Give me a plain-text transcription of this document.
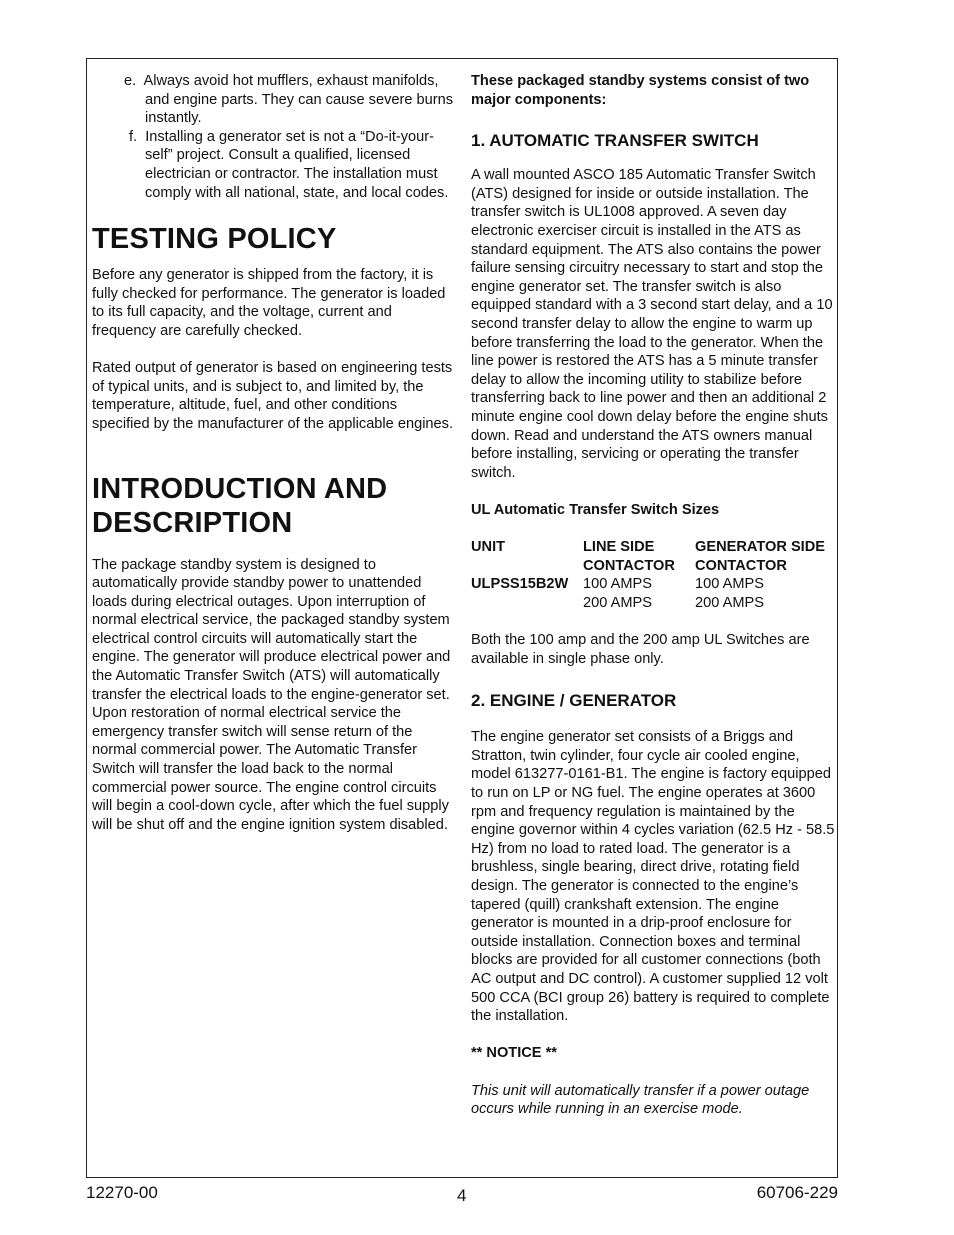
e. Always avoid hot mufflers, exhaust manifolds, and engine parts. They can cause severe burns instantly.
f. Installing a generator set is not a “Do-it-your-self” project. Consult a qualified, licensed electrician or contractor. The installation must comply with all national, state, and local codes.
TESTING POLICY

Before any generator is shipped from the factory, it is fully checked for performance. The generator is loaded to its full capacity, and the voltage, current and frequency are carefully checked.

Rated output of generator is based on engineering tests of typical units, and is subject to, and limited by, the temperature, altitude, fuel, and other conditions specified by the manufacturer of the applicable engines.

INTRODUCTION AND
DESCRIPTION

The package standby system is designed to automatically provide standby power to unattended loads during electrical outages. Upon interruption of normal electrical service, the packaged standby system electrical control circuits will automatically start the engine. The generator will produce electrical power and the Automatic Transfer Switch (ATS) will automatically transfer the electrical loads to the engine-generator set. Upon restoration of normal electrical service the emergency transfer switch will sense return of the normal commercial power. The Automatic Transfer Switch will transfer the load back to the normal commercial power source. The engine control circuits will begin a cool-down cycle, after which the fuel supply will be shut off and the engine ignition system disabled.

These packaged standby systems consist of two major components:

1. AUTOMATIC TRANSFER SWITCH

A wall mounted ASCO 185 Automatic Transfer Switch (ATS) designed for inside or outside installation. The transfer switch is UL1008 approved. A seven day electronic exerciser circuit is installed in the ATS as standard equipment. The ATS also contains the power failure sensing circuitry necessary to start and stop the engine generator set. The transfer switch is also equipped standard with a 3 second start delay, and a 10 second transfer delay to allow the engine to warm up before transferring the load to the generator. When the line power is restored the ATS has a 5 minute transfer delay to allow the incoming utility to stabilize before transferring back to line power and then an additional 2 minute engine cool down delay before the engine shuts down. Read and understand the ATS owners manual before installing, servicing or operating the transfer switch.

UL Automatic Transfer Switch Sizes

UNIT	LINE SIDE CONTACTOR	GENERATOR SIDE CONTACTOR
ULPSS15B2W	100 AMPS	100 AMPS
	200 AMPS	200 AMPS

Both the 100 amp and the 200 amp UL Switches are available in single phase only.

2. ENGINE / GENERATOR

The engine generator set consists of a Briggs and Stratton, twin cylinder, four cycle air cooled engine, model 613277-0161-B1. The engine is factory equipped to run on LP or NG fuel. The engine operates at 3600 rpm and frequency regulation is maintained by the engine governor within 4 cycles variation (62.5 Hz - 58.5 Hz) from no load to rated load. The generator is a brushless, single bearing, direct drive, rotating field design. The generator is connected to the engine’s tapered (quill) crankshaft extension. The engine generator is mounted in a drip-proof enclosure for outside installation. Connection boxes and terminal blocks are provided for all customer connections (both AC output and DC control). A customer supplied 12 volt 500 CCA (BCI group 26) battery is required to complete the installation.

** NOTICE **

This unit will automatically transfer if a power outage occurs while running in an exercise mode.

12270-00	4	60706-229
